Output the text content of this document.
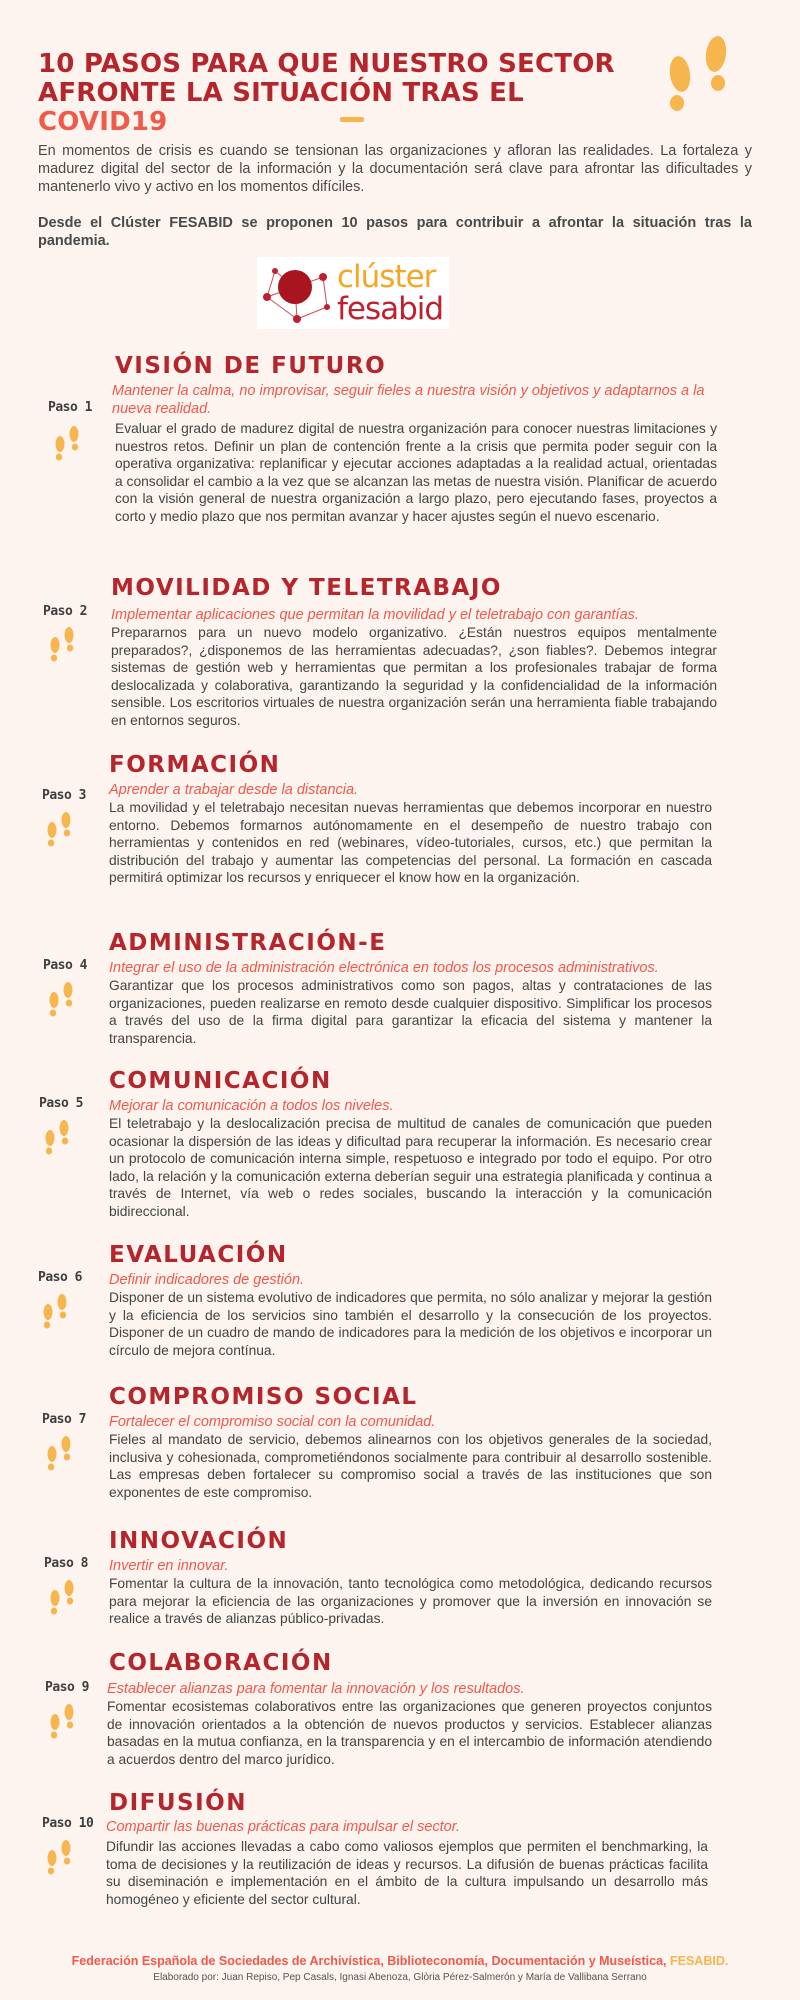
10 PASOS PARA QUE NUESTRO SECTOR
AFRONTE LA SITUACIÓN TRAS EL COVID19

En momentos de crisis es cuando se tensionan las organizaciones y afloran las realidades. La fortaleza y madurez digital del sector de la información y la documentación será clave para afrontar las dificultades y mantenerlo vivo y activo en los momentos difíciles.

Desde el Clúster FESABID se proponen 10 pasos para contribuir a afrontar la situación tras la pandemia.

clúster
fesabid
Paso 1
VISIÓN DE FUTURO

Mantener la calma, no improvisar, seguir fieles a nuestra visión y objetivos y adaptarnos a la nueva realidad.

Evaluar el grado de madurez digital de nuestra organización para conocer nuestras limitaciones y nuestros retos. Definir un plan de contención frente a la crisis que permita poder seguir con la operativa organizativa: replanificar y ejecutar acciones adaptadas a la realidad actual, orientadas a consolidar el cambio a la vez que se alcanzan las metas de nuestra visión. Planificar de acuerdo con la visión general de nuestra organización a largo plazo, pero ejecutando fases, proyectos a corto y medio plazo que nos permitan avanzar y hacer ajustes según el nuevo escenario.

Paso 2
MOVILIDAD Y TELETRABAJO

Implementar aplicaciones que permitan la movilidad y el teletrabajo con garantías.

Prepararnos para un nuevo modelo organizativo. ¿Están nuestros equipos mentalmente preparados?, ¿disponemos de las herramientas adecuadas?, ¿son fiables?. Debemos integrar sistemas de gestión web y herramientas que permitan a los profesionales trabajar de forma deslocalizada y colaborativa, garantizando la seguridad y la confidencialidad de la información sensible. Los escritorios virtuales de nuestra organización serán una herramienta fiable trabajando en entornos seguros.

Paso 3
FORMACIÓN

Aprender a trabajar desde la distancia.

La movilidad y el teletrabajo necesitan nuevas herramientas que debemos incorporar en nuestro entorno. Debemos formarnos autónomamente en el desempeño de nuestro trabajo con herramientas y contenidos en red (webinares, vídeo-tutoriales, cursos, etc.) que permitan la distribución del trabajo y aumentar las competencias del personal. La formación en cascada permitirá optimizar los recursos y enriquecer el know how en la organización.

Paso 4
ADMINISTRACIÓN-E

Integrar el uso de la administración electrónica en todos los procesos administrativos.

Garantizar que los procesos administrativos como son pagos, altas y contrataciones de las organizaciones, pueden realizarse en remoto desde cualquier dispositivo. Simplificar los procesos a través del uso de la firma digital para garantizar la eficacia del sistema y mantener la transparencia.

Paso 5
COMUNICACIÓN

Mejorar la comunicación a todos los niveles.

El teletrabajo y la deslocalización precisa de multitud de canales de comunicación que pueden ocasionar la dispersión de las ideas y dificultad para recuperar la información. Es necesario crear un protocolo de comunicación interna simple, respetuoso e integrado por todo el equipo. Por otro lado, la relación y la comunicación externa deberían seguir una estrategia planificada y continua a través de Internet, vía web o redes sociales, buscando la interacción y la comunicación bidireccional.

Paso 6
EVALUACIÓN

Definir indicadores de gestión.

Disponer de un sistema evolutivo de indicadores que permita, no sólo analizar y mejorar la gestión y la eficiencia de los servicios sino también el desarrollo y la consecución de los proyectos. Disponer de un cuadro de mando de indicadores para la medición de los objetivos e incorporar un círculo de mejora contínua.

Paso 7
COMPROMISO SOCIAL

Fortalecer el compromiso social con la comunidad.

Fieles al mandato de servicio, debemos alinearnos con los objetivos generales de la sociedad, inclusiva y cohesionada, comprometiéndonos socialmente para contribuir al desarrollo sostenible. Las empresas deben fortalecer su compromiso social a través de las instituciones que son exponentes de este compromiso.

Paso 8
INNOVACIÓN

Invertir en innovar.

Fomentar la cultura de la innovación, tanto tecnológica como metodológica, dedicando recursos para mejorar la eficiencia de las organizaciones y promover que la inversión en innovación se realice a través de alianzas público-privadas.

Paso 9
COLABORACIÓN

Establecer alianzas para fomentar la innovación y los resultados.

Fomentar ecosistemas colaborativos entre las organizaciones que generen proyectos conjuntos de innovación orientados a la obtención de nuevos productos y servicios. Establecer alianzas basadas en la mutua confianza, en la transparencia y en el intercambio de información atendiendo a acuerdos dentro del marco jurídico.

Paso 10
DIFUSIÓN

Compartir las buenas prácticas para impulsar el sector.

Difundir las acciones llevadas a cabo como valiosos ejemplos que permiten el benchmarking, la toma de decisiones y la reutilización de ideas y recursos. La difusión de buenas prácticas facilita su diseminación e implementación en el ámbito de la cultura impulsando un desarrollo más homogéneo y eficiente del sector cultural.

Federación Española de Sociedades de Archivística, Biblioteconomía, Documentación y Museística, FESABID.

Elaborado por: Juan Repiso, Pep Casals, Ignasi Abenoza, Glòria Pérez-Salmerón y María de Vallibana Serrano
